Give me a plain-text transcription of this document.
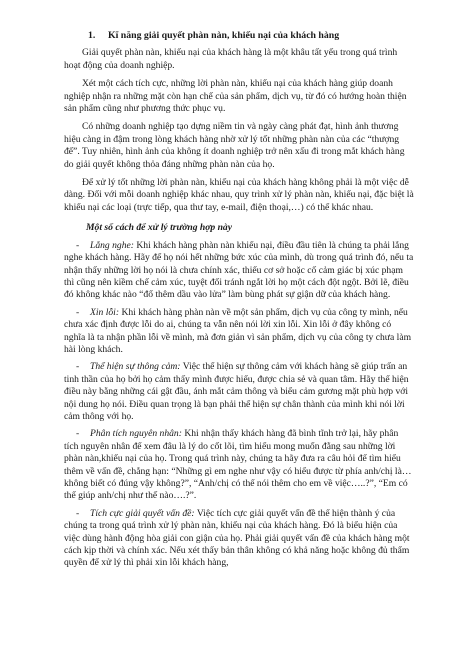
1. Kĩ năng giải quyết phàn nàn, khiếu nại của khách hàng

Giải quyết phàn nàn, khiếu nại của khách hàng là một khâu tất yếu trong quá trình hoạt động của doanh nghiệp.

Xét một cách tích cực, những lời phàn nàn, khiếu nại của khách hàng giúp doanh nghiệp nhận ra những mặt còn hạn chế của sản phẩm, dịch vụ, từ đó có hướng hoàn thiện sản phẩm cũng như phương thức phục vụ.

Có những doanh nghiệp tạo dựng niềm tin và ngày càng phát đạt, hình ảnh thương hiệu càng in đậm trong lòng khách hàng nhờ xử lý tốt những phàn nàn của các “thượng đế”. Tuy nhiên, hình ảnh của không ít doanh nghiệp trở nên xấu đi trong mắt khách hàng do giải quyết không thỏa đáng những phàn nàn của họ.

Để xử lý tốt những lời phàn nàn, khiếu nại của khách hàng không phải là một việc dễ dàng. Đối với mỗi doanh nghiệp khác nhau, quy trình xử lý phàn nàn, khiếu nại, đặc biệt là khiếu nại các loại (trực tiếp, qua thư tay, e-mail, điện thoại,…) có thể khác nhau.

Một số cách để xử lý trường hợp này

- Lắng nghe: Khi khách hàng phàn nàn khiếu nại, điều đầu tiên là chúng ta phải lắng nghe khách hàng. Hãy để họ nói hết những bức xúc của mình, dù trong quá trình đó, nếu ta nhận thấy những lời họ nói là chưa chính xác, thiếu cơ sở hoặc cố cảm giác bị xúc phạm thì cũng nên kiềm chế cảm xúc, tuyệt đối tránh ngắt lời họ một cách đột ngột. Bởi lẽ, điều đó không khác nào “đổ thêm dầu vào lửa” làm bùng phát sự giận dữ của khách hàng.

- Xin lỗi: Khi khách hàng phàn nàn về một sản phẩm, dịch vụ của công ty mình, nếu chưa xác định được lỗi do ai, chúng ta vẫn nên nói lời xin lỗi. Xin lỗi ở đây không có nghĩa là ta nhận phần lỗi về mình, mà đơn giản vì sản phẩm, dịch vụ của công ty chưa làm hài lòng khách.

- Thể hiện sự thông cảm: Việc thể hiện sự thông cảm với khách hàng sẽ giúp trấn an tinh thần của họ bởi họ cảm thấy mình được hiểu, được chia sẻ và quan tâm. Hãy thể hiện điều này bằng những cái gật đầu, ánh mắt cảm thông và biểu cảm gương mặt phù hợp với nội dung họ nói. Điều quan trọng là bạn phải thể hiện sự chân thành của mình khi nói lời cảm thông với họ.

- Phân tích nguyên nhân: Khi nhận thấy khách hàng đã bình tĩnh trở lại, hãy phân tích nguyên nhân để xem đâu là lý do cốt lõi, tìm hiểu mong muốn đằng sau những lời phàn nàn,khiếu nại của họ. Trong quá trình này, chúng ta hãy đưa ra câu hỏi để tìm hiểu thêm về vấn đề, chẳng hạn: “Những gì em nghe như vậy có hiểu được từ phía anh/chị là… không biết có đúng vậy không?”, “Anh/chị có thể nói thêm cho em về việc…..?”, “Em có thể giúp anh/chị như thế nào….?”.

- Tích cực giải quyết vấn đề: Việc tích cực giải quyết vấn đề thể hiện thành ý của chúng ta trong quá trình xử lý phàn nàn, khiếu nại của khách hàng. Đó là biểu hiện của việc dùng hành động hòa giải con giận của họ. Phải giải quyết vấn đề của khách hàng một cách kịp thời và chính xác. Nếu xét thấy bản thân không có khả năng hoặc không đủ thẩm quyền để xử lý thì phải xin lỗi khách hàng,
